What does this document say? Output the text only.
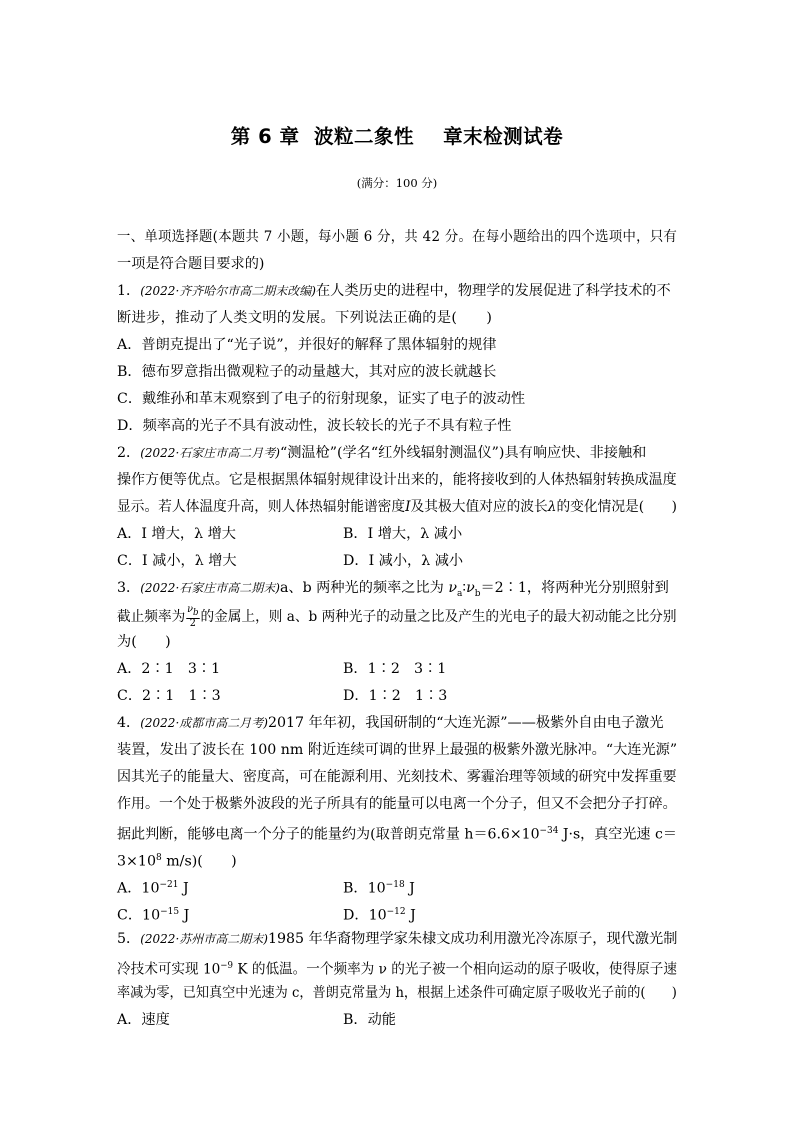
第 6 章  波粒二象性    章末检测试卷
(满分：100 分)
一、单项选择题(本题共 7 小题，每小题 6 分，共 42 分。在每小题给出的四个选项中，只有
一项是符合题目要求的)
1．(2022·齐齐哈尔市高二期末改编)在人类历史的进程中，物理学的发展促进了科学技术的不
断进步，推动了人类文明的发展。下列说法正确的是(　　)
A．普朗克提出了“光子说”，并很好的解释了黑体辐射的规律
B．德布罗意指出微观粒子的动量越大，其对应的波长就越长
C．戴维孙和革末观察到了电子的衍射现象，证实了电子的波动性
D．频率高的光子不具有波动性，波长较长的光子不具有粒子性
2．(2022·石家庄市高二月考)“测温枪”(学名“红外线辐射测温仪”)具有响应快、非接触和
操作方便等优点。它是根据黑体辐射规律设计出来的，能将接收到的人体热辐射转换成温度
显示。若人体温度升高，则人体热辐射能谱密度I及其极大值对应的波长λ的变化情况是(　　)
A．I 增大，λ 增大	B．I 增大，λ 减小
C．I 减小，λ 增大	D．I 减小，λ 减小
3．(2022·石家庄市高二期末)a、b 两种光的频率之比为 $\nu_a∶\nu_b=2∶1$，将两种光分别照射到
截止频率为 $\frac{\nu_b}{2}$ 的金属上，则 a、b 两种光子的动量之比及产生的光电子的最大初动能之比分别
为(　　)
A．2∶1　3∶1	B．1∶2　3∶1
C．2∶1　1∶3	D．1∶2　1∶3
4．(2022·成都市高二月考)2017 年年初，我国研制的“大连光源”——极紫外自由电子激光
装置，发出了波长在 100 nm 附近连续可调的世界上最强的极紫外激光脉冲。“大连光源”
因其光子的能量大、密度高，可在能源利用、光刻技术、雾霾治理等领域的研究中发挥重要
作用。一个处于极紫外波段的光子所具有的能量可以电离一个分子，但又不会把分子打碎。
据此判断，能够电离一个分子的能量约为(取普朗克常量 $h=6.6\times 10^{-34}$ J·s，真空光速 c＝
$3\times 10^8$ m/s)(　　)
A．$10^{-21}$ J	B．$10^{-18}$ J
C．$10^{-15}$ J	D．$10^{-12}$ J
5．(2022·苏州市高二期末)1985 年华裔物理学家朱棣文成功利用激光冷冻原子，现代激光制
冷技术可实现 $10^{-9}$ K 的低温。一个频率为 ν 的光子被一个相向运动的原子吸收，使得原子速
率减为零，已知真空中光速为 c，普朗克常量为 h，根据上述条件可确定原子吸收光子前的(　　)
A．速度	B．动能
